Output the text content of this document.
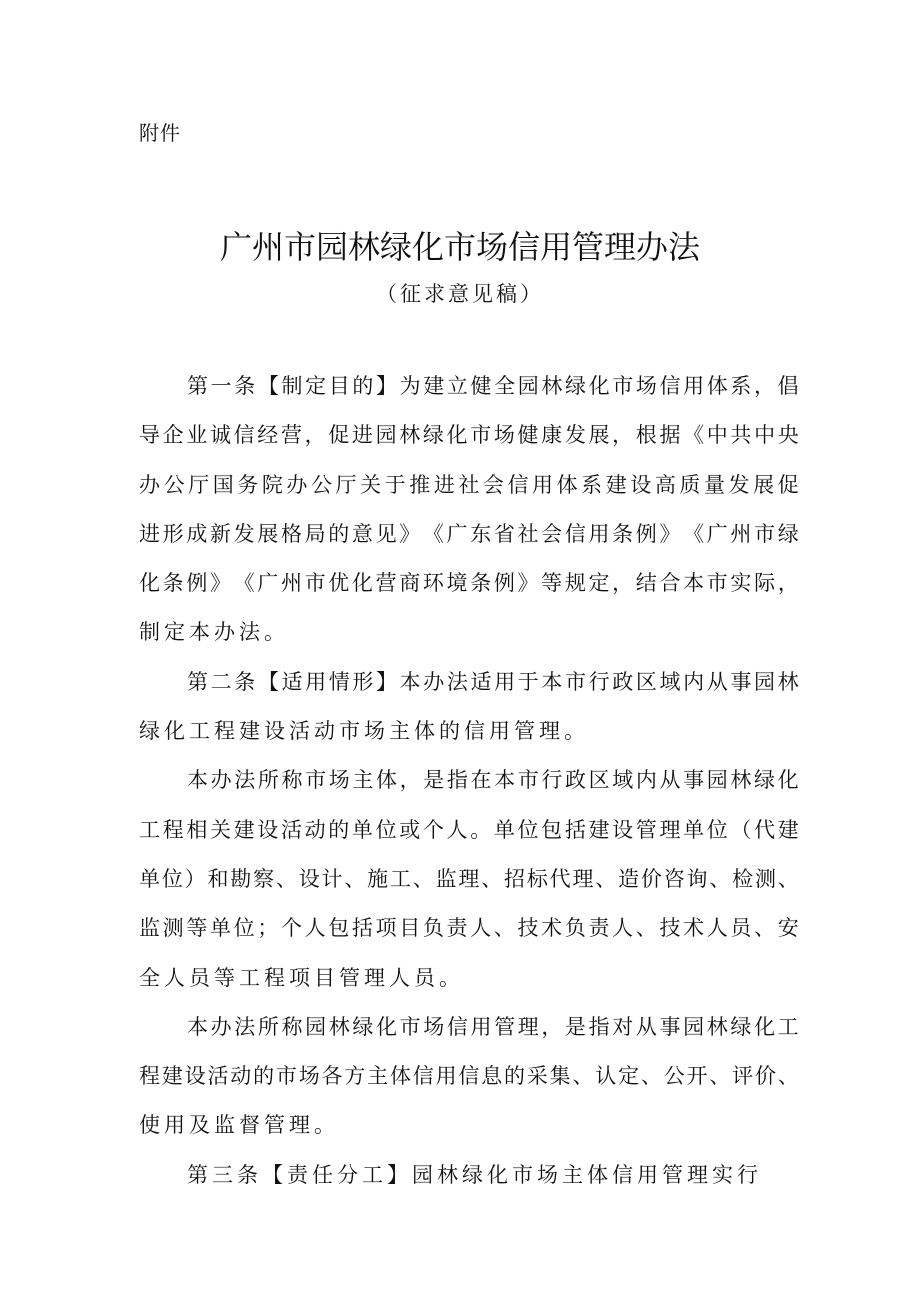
附件
广州市园林绿化市场信用管理办法
（征求意见稿）
第 一 条 【 制 定 目 的 】 为 建 立 健 全 园 林 绿 化 市 场 信 用 体 系 ， 倡
导 企 业 诚 信 经 营 ， 促 进 园 林 绿 化 市 场 健 康 发 展 ， 根 据 《 中 共 中 央
办 公 厅 国 务 院 办 公 厅 关 于 推 进 社 会 信 用 体 系 建 设 高 质 量 发 展 促
进 形 成 新 发 展 格 局 的 意 见 》 《 广 东 省 社 会 信 用 条 例 》 《 广 州 市 绿
化 条 例 》 《 广 州 市 优 化 营 商 环 境 条 例 》 等 规 定 ， 结 合 本 市 实 际 ，
制定本办法。
第 二 条 【 适 用 情 形 】 本 办 法 适 用 于 本 市 行 政 区 域 内 从 事 园 林
绿化工程建设活动市场主体的信用管理。
本 办 法 所 称 市 场 主 体 ， 是 指 在 本 市 行 政 区 域 内 从 事 园 林 绿 化
工 程 相 关 建 设 活 动 的 单 位 或 个 人 。 单 位 包 括 建 设 管 理 单 位 （ 代 建
单 位 ） 和 勘 察 、 设 计 、 施 工 、 监 理 、 招 标 代 理 、 造 价 咨 询 、 检 测 、
监 测 等 单 位 ； 个 人 包 括 项 目 负 责 人 、 技 术 负 责 人 、 技 术 人 员 、 安
全人员等工程项目管理人员。
本 办 法 所 称 园 林 绿 化 市 场 信 用 管 理 ， 是 指 对 从 事 园 林 绿 化 工
程 建 设 活 动 的 市 场 各 方 主 体 信 用 信 息 的 采 集 、 认 定 、 公 开 、 评 价 、
使用及监督管理。
第三条【责任分工】园林绿化市场主体信用管理实行
